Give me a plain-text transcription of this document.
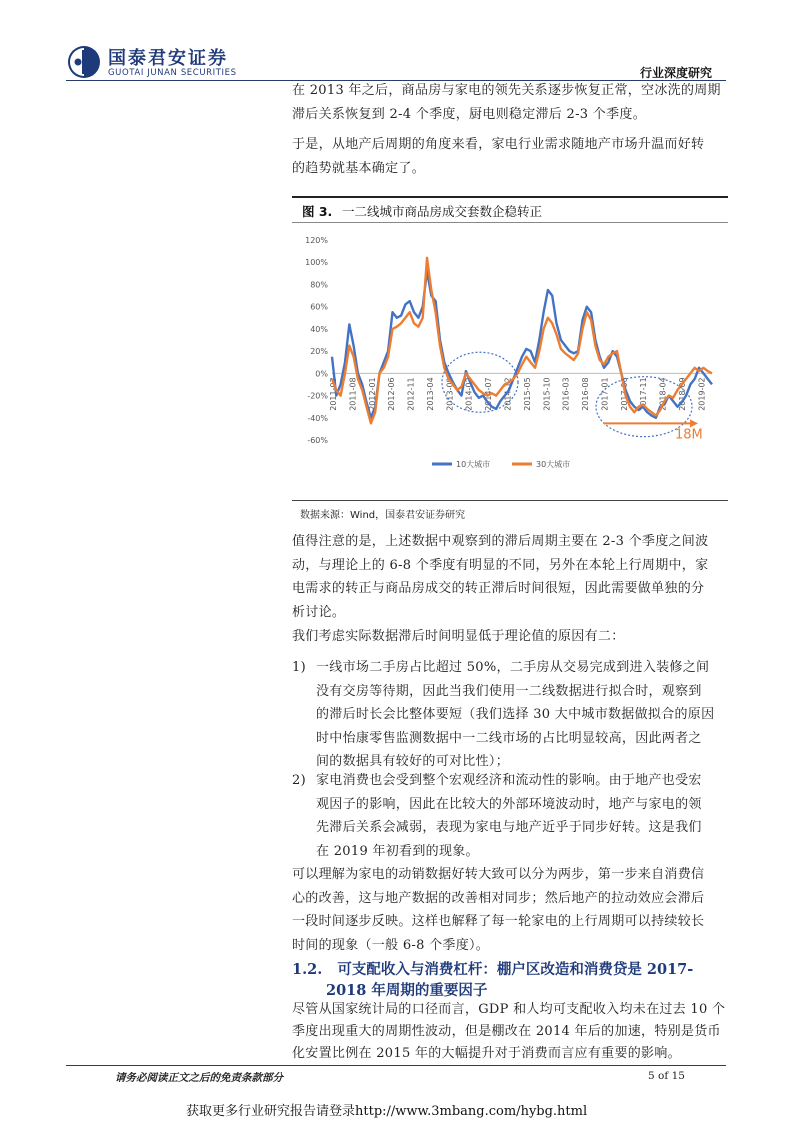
国泰君安证券
GUOTAI JUNAN SECURITIES	行业深度研究
在 2013 年之后，商品房与家电的领先关系逐步恢复正常，空冰洗的周期
滞后关系恢复到 2-4 个季度，厨电则稳定滞后 2-3 个季度。
于是，从地产后周期的角度来看，家电行业需求随地产市场升温而好转
的趋势就基本确定了。
图 3. 一二线城市商品房成交套数企稳转正
120%
100%
80%
60%
40%
20%
0%
-20%
-40%
-60%
2011-03 2011-08 2012-01 2012-06 2012-11 2013-04 2013-09 2014-02 2014-07 2014-12 2015-05 2015-10 2016-03 2016-08 2017-01 2017-06 2017-11 2018-04 2018-09 2019-02
18M
10大城市	30大城市
数据来源：Wind，国泰君安证券研究
值得注意的是，上述数据中观察到的滞后周期主要在 2-3 个季度之间波
动，与理论上的 6-8 个季度有明显的不同，另外在本轮上行周期中，家
电需求的转正与商品房成交的转正滞后时间很短，因此需要做单独的分
析讨论。
我们考虑实际数据滞后时间明显低于理论值的原因有二：
1) 一线市场二手房占比超过 50%，二手房从交易完成到进入装修之间
没有交房等待期，因此当我们使用一二线数据进行拟合时，观察到
的滞后时长会比整体要短（我们选择 30 大中城市数据做拟合的原因
时中怡康零售监测数据中一二线市场的占比明显较高，因此两者之
间的数据具有较好的可对比性）；
2) 家电消费也会受到整个宏观经济和流动性的影响。由于地产也受宏
观因子的影响，因此在比较大的外部环境波动时，地产与家电的领
先滞后关系会减弱，表现为家电与地产近乎于同步好转。这是我们
在 2019 年初看到的现象。
可以理解为家电的动销数据好转大致可以分为两步，第一步来自消费信
心的改善，这与地产数据的改善相对同步；然后地产的拉动效应会滞后
一段时间逐步反映。这样也解释了每一轮家电的上行周期可以持续较长
时间的现象（一般 6-8 个季度）。
1.2. 可支配收入与消费杠杆：棚户区改造和消费贷是 2017-
2018 年周期的重要因子
尽管从国家统计局的口径而言，GDP 和人均可支配收入均未在过去 10 个
季度出现重大的周期性波动，但是棚改在 2014 年后的加速，特别是货币
化安置比例在 2015 年的大幅提升对于消费而言应有重要的影响。
请务必阅读正文之后的免责条款部分	5 of 15
获取更多行业研究报告请登录http://www.3mbang.com/hybg.html
